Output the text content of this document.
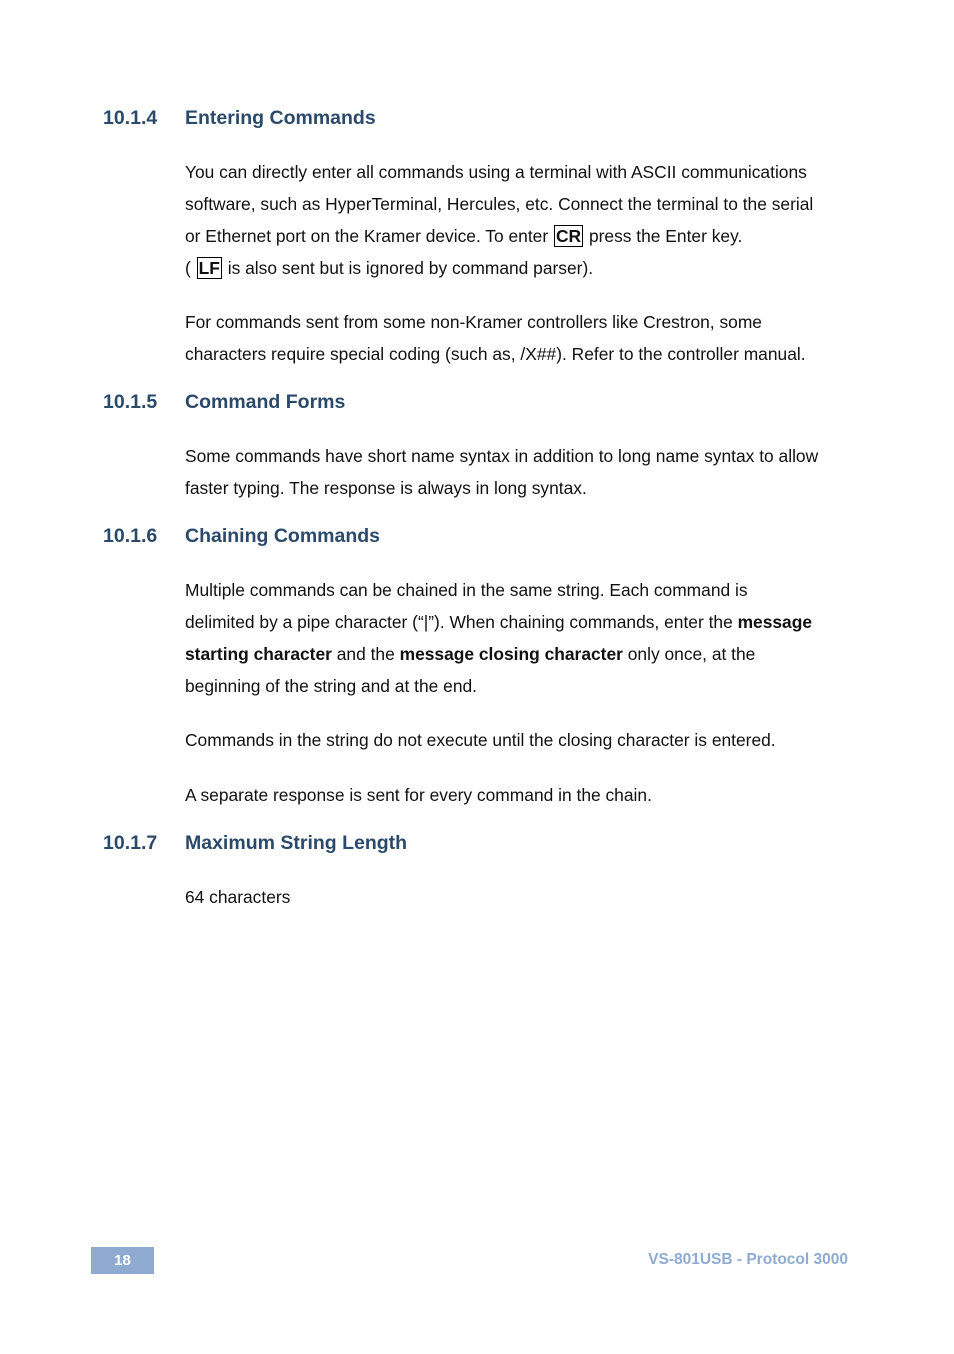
10.1.4 Entering Commands

You can directly enter all commands using a terminal with ASCII communications
software, such as HyperTerminal, Hercules, etc. Connect the terminal to the serial
or Ethernet port on the Kramer device. To enter CR press the Enter key.
( LF is also sent but is ignored by command parser).

For commands sent from some non-Kramer controllers like Crestron, some
characters require special coding (such as, /X##). Refer to the controller manual.

10.1.5 Command Forms

Some commands have short name syntax in addition to long name syntax to allow
faster typing. The response is always in long syntax.

10.1.6 Chaining Commands

Multiple commands can be chained in the same string. Each command is
delimited by a pipe character (“|”). When chaining commands, enter the message
starting character and the message closing character only once, at the
beginning of the string and at the end.

Commands in the string do not execute until the closing character is entered.

A separate response is sent for every command in the chain.

10.1.7 Maximum String Length

64 characters

18	VS-801USB - Protocol 3000
